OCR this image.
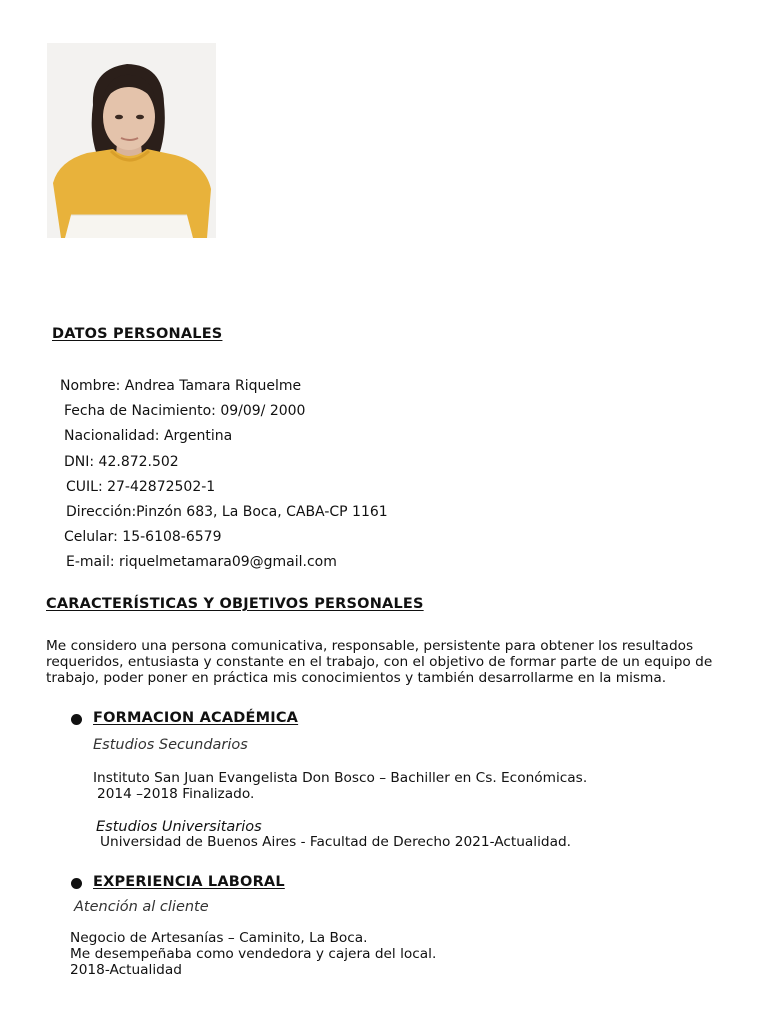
DATOS PERSONALES
Nombre: Andrea Tamara Riquelme
Fecha de Nacimiento: 09/09/ 2000
Nacionalidad: Argentina
DNI: 42.872.502
CUIL: 27-42872502-1
Dirección:Pinzón 683, La Boca, CABA-CP 1161
Celular: 15-6108-6579
E-mail: riquelmetamara09@gmail.com
CARACTERÍSTICAS Y OBJETIVOS PERSONALES
Me considero una persona comunicativa, responsable, persistente para obtener los resultados requeridos, entusiasta y constante en el trabajo, con el objetivo de formar parte de un equipo de trabajo, poder poner en práctica mis conocimientos y también desarrollarme en la misma.
FORMACION ACADÉMICA
Estudios Secundarios
Instituto San Juan Evangelista Don Bosco – Bachiller en Cs. Económicas.
2014 –2018 Finalizado.
Estudios Universitarios
Universidad de Buenos Aires - Facultad de Derecho 2021-Actualidad.
EXPERIENCIA LABORAL
Atención al cliente
Negocio de Artesanías – Caminito, La Boca.
Me desempeñaba como vendedora y cajera del local.
2018-Actualidad
